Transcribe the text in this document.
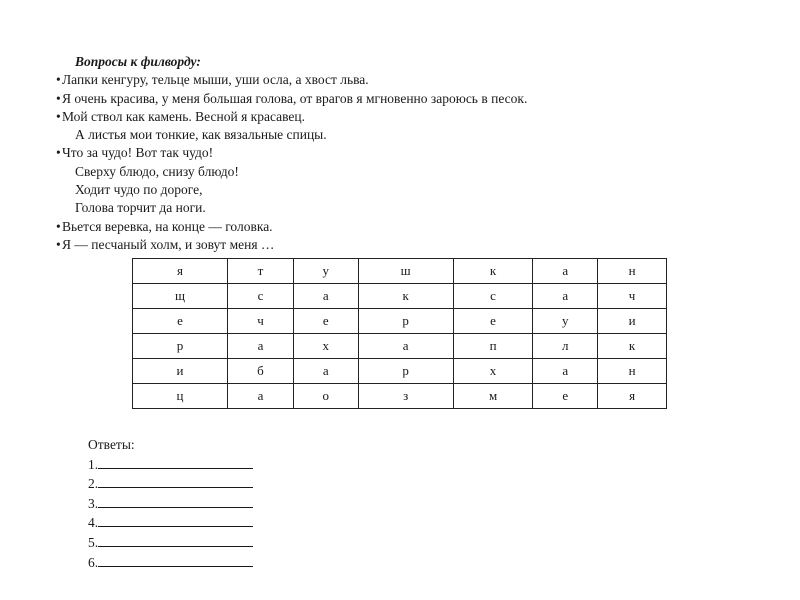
Вопросы к филворду:
•Лапки кенгуру, тельце мыши, уши осла, а хвост льва.
•Я очень красива, у меня большая голова, от врагов я мгновенно зароюсь в песок.
•Мой ствол как камень. Весной я красавец.
А листья мои тонкие, как вязальные спицы.
•Что за чудо! Вот так чудо!
Сверху блюдо, снизу блюдо!
Ходит чудо по дороге,
Голова торчит да ноги.
•Вьется веревка, на конце — головка.
•Я — песчаный холм, и зовут меня …
я	т	у	ш	к	а	н
щ	с	а	к	с	а	ч
е	ч	е	р	е	у	и
р	а	х	а	п	л	к
и	б	а	р	х	а	н
ц	а	о	з	м	е	я
Ответы:
1.
2.
3.
4.
5.
6.
